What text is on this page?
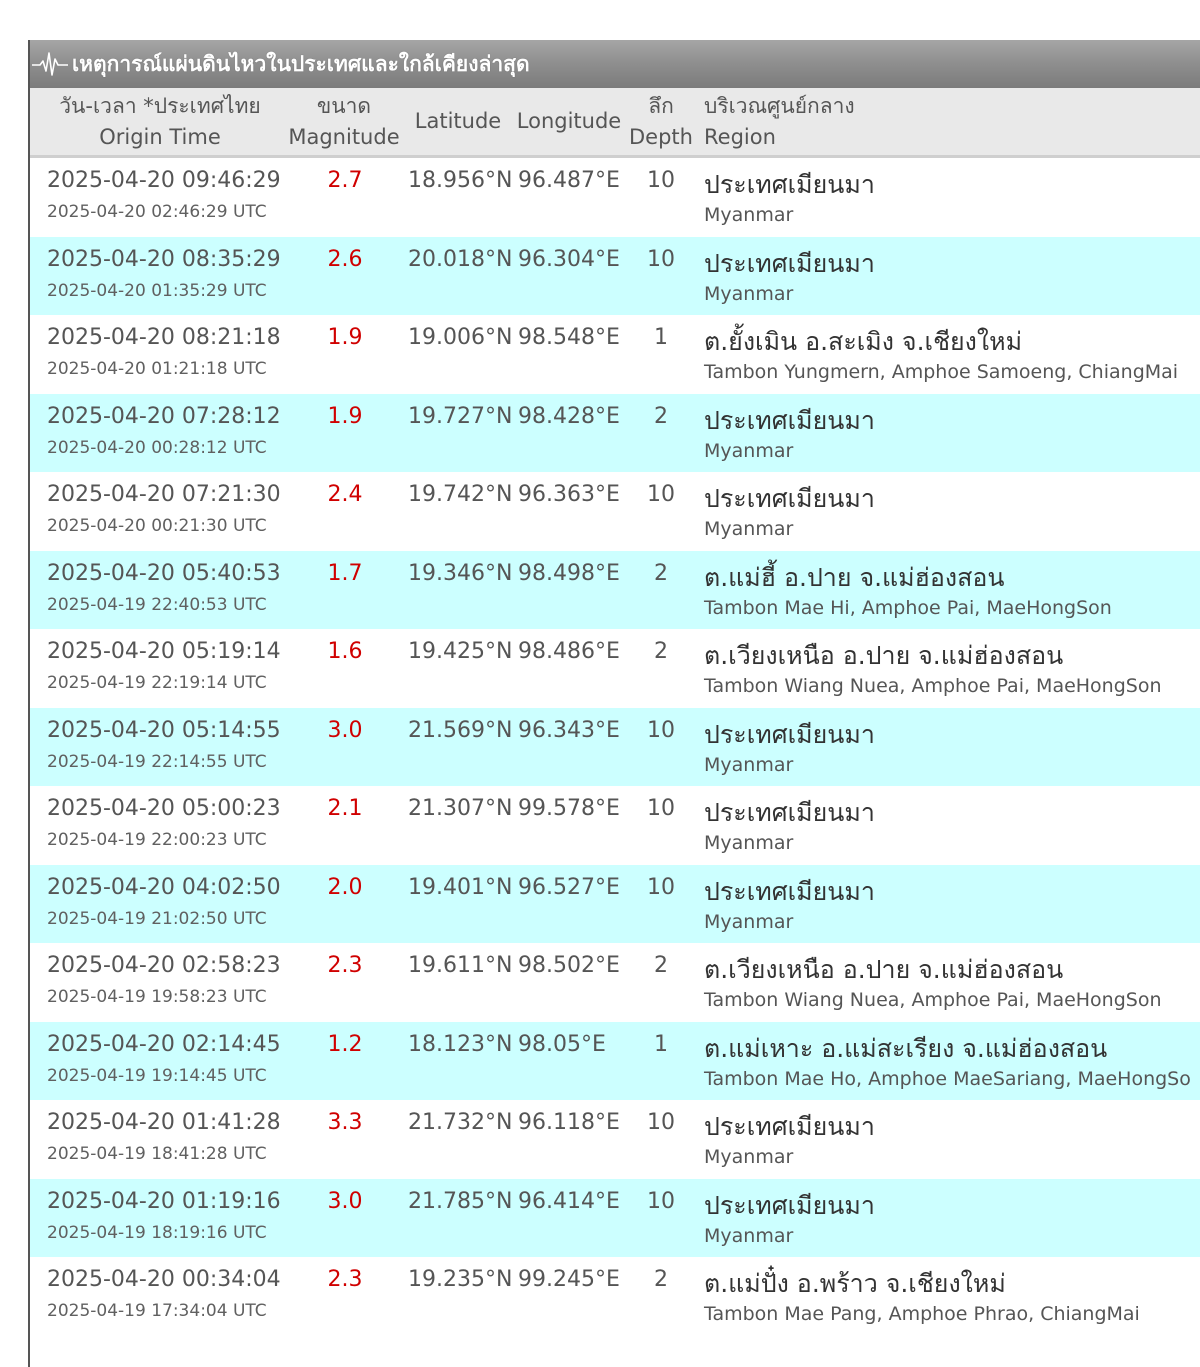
เหตุการณ์แผ่นดินไหวในประเทศและใกล้เคียงล่าสุด
วัน-เวลา *ประเทศไทย
Origin Time
ขนาด
Magnitude
Latitude Longitude
ลึก
Depth
บริเวณศูนย์กลาง
Region
2025-04-20 09:46:29
2025-04-20 02:46:29 UTC
2.7	18.956°N 96.487°E	10	ประเทศเมียนมา
Myanmar
2025-04-20 08:35:29
2025-04-20 01:35:29 UTC
2.6	20.018°N 96.304°E	10	ประเทศเมียนมา
Myanmar
2025-04-20 08:21:18
2025-04-20 01:21:18 UTC
1.9	19.006°N 98.548°E	1	ต.ยั้งเมิน อ.สะเมิง จ.เชียงใหม่
Tambon Yungmern, Amphoe Samoeng, ChiangMai
2025-04-20 07:28:12
2025-04-20 00:28:12 UTC
1.9	19.727°N 98.428°E	2	ประเทศเมียนมา
Myanmar
2025-04-20 07:21:30
2025-04-20 00:21:30 UTC
2.4	19.742°N 96.363°E	10	ประเทศเมียนมา
Myanmar
2025-04-20 05:40:53
2025-04-19 22:40:53 UTC
1.7	19.346°N 98.498°E	2	ต.แม่ฮี้ อ.ปาย จ.แม่ฮ่องสอน
Tambon Mae Hi, Amphoe Pai, MaeHongSon
2025-04-20 05:19:14
2025-04-19 22:19:14 UTC
1.6	19.425°N 98.486°E	2	ต.เวียงเหนือ อ.ปาย จ.แม่ฮ่องสอน
Tambon Wiang Nuea, Amphoe Pai, MaeHongSon
2025-04-20 05:14:55
2025-04-19 22:14:55 UTC
3.0	21.569°N 96.343°E	10	ประเทศเมียนมา
Myanmar
2025-04-20 05:00:23
2025-04-19 22:00:23 UTC
2.1	21.307°N 99.578°E	10	ประเทศเมียนมา
Myanmar
2025-04-20 04:02:50
2025-04-19 21:02:50 UTC
2.0	19.401°N 96.527°E	10	ประเทศเมียนมา
Myanmar
2025-04-20 02:58:23
2025-04-19 19:58:23 UTC
2.3	19.611°N 98.502°E	2	ต.เวียงเหนือ อ.ปาย จ.แม่ฮ่องสอน
Tambon Wiang Nuea, Amphoe Pai, MaeHongSon
2025-04-20 02:14:45
2025-04-19 19:14:45 UTC
1.2	18.123°N 98.05°E	1	ต.แม่เหาะ อ.แม่สะเรียง จ.แม่ฮ่องสอน
Tambon Mae Ho, Amphoe MaeSariang, MaeHongSo
2025-04-20 01:41:28
2025-04-19 18:41:28 UTC
3.3	21.732°N 96.118°E	10	ประเทศเมียนมา
Myanmar
2025-04-20 01:19:16
2025-04-19 18:19:16 UTC
3.0	21.785°N 96.414°E	10	ประเทศเมียนมา
Myanmar
2025-04-20 00:34:04
2025-04-19 17:34:04 UTC
2.3	19.235°N 99.245°E	2	ต.แม่ปั๋ง อ.พร้าว จ.เชียงใหม่
Tambon Mae Pang, Amphoe Phrao, ChiangMai
